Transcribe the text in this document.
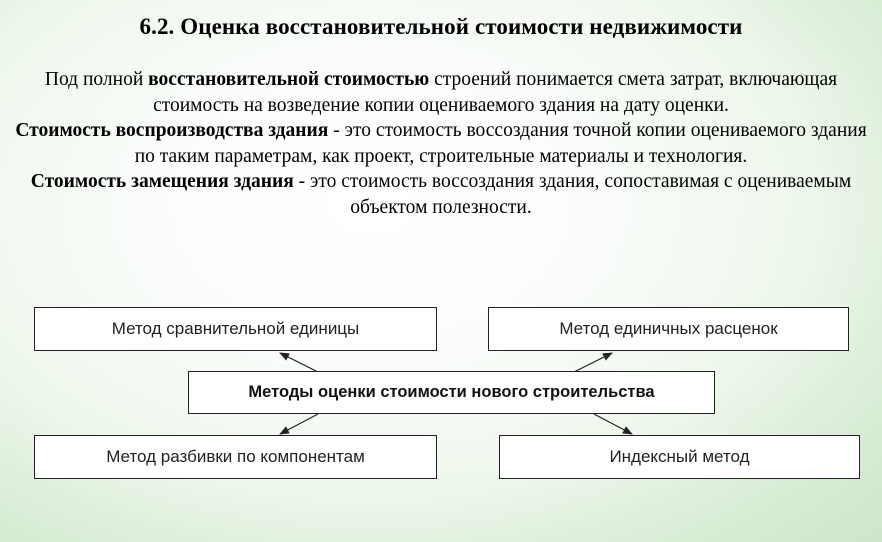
6.2. Оценка восстановительной стоимости недвижимости

Под полной восстановительной стоимостью строений понимается смета затрат, включающая стоимость на возведение копии оцениваемого здания на дату оценки.

Стоимость воспроизводства здания - это стоимость воссоздания точной копии оцениваемого здания по таким параметрам, как проект, строительные материалы и технология.

Стоимость замещения здания - это стоимость воссоздания здания, сопоставимая с оцениваемым объектом полезности.

Метод сравнительной единицы	Метод единичных расценок
Методы оценки стоимости нового строительства
Метод разбивки по компонентам	Индексный метод
